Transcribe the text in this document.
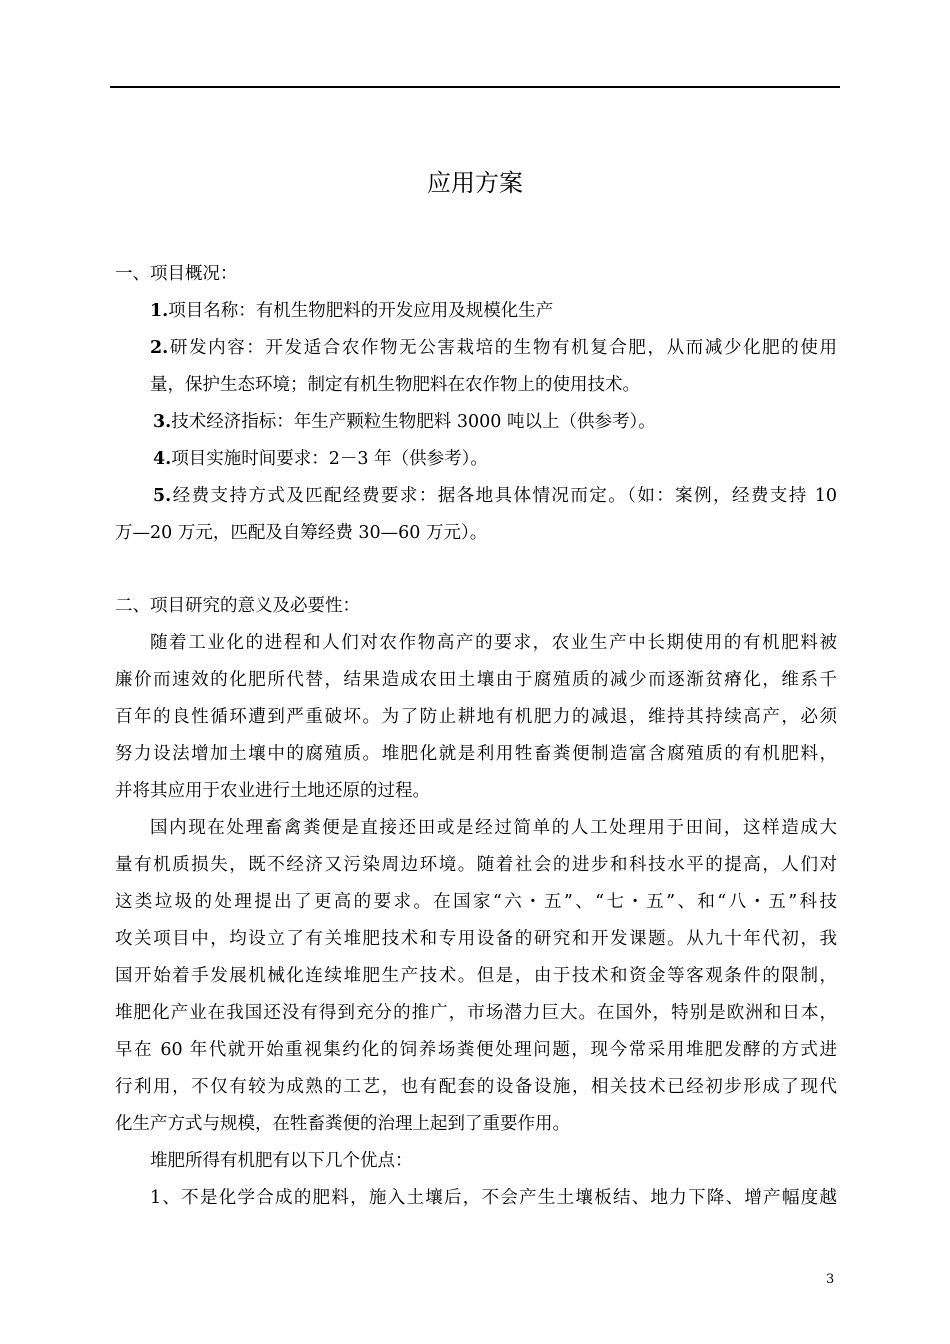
应用方案
一、项目概况：
1.项目名称：有机生物肥料的开发应用及规模化生产
2.研发内容：开发适合农作物无公害栽培的生物有机复合肥，从而减少化肥的使用
量，保护生态环境；制定有机生物肥料在农作物上的使用技术。
3.技术经济指标：年生产颗粒生物肥料 3000 吨以上（供参考）。
4.项目实施时间要求：2－3 年（供参考）。
5.经费支持方式及匹配经费要求：据各地具体情况而定。（如：案例，经费支持 10
万—20 万元，匹配及自筹经费 30—60 万元）。
二、项目研究的意义及必要性：
随着工业化的进程和人们对农作物高产的要求，农业生产中长期使用的有机肥料被
廉价而速效的化肥所代替，结果造成农田土壤由于腐殖质的减少而逐渐贫瘠化，维系千
百年的良性循环遭到严重破坏。为了防止耕地有机肥力的减退，维持其持续高产，必须
努力设法增加土壤中的腐殖质。堆肥化就是利用牲畜粪便制造富含腐殖质的有机肥料，
并将其应用于农业进行土地还原的过程。
国内现在处理畜禽粪便是直接还田或是经过简单的人工处理用于田间，这样造成大
量有机质损失，既不经济又污染周边环境。随着社会的进步和科技水平的提高，人们对
这类垃圾的处理提出了更高的要求。在国家“六・五”、“七・五”、和“八・五”科技
攻关项目中，均设立了有关堆肥技术和专用设备的研究和开发课题。从九十年代初，我
国开始着手发展机械化连续堆肥生产技术。但是，由于技术和资金等客观条件的限制，
堆肥化产业在我国还没有得到充分的推广，市场潜力巨大。在国外，特别是欧洲和日本，
早在 60 年代就开始重视集约化的饲养场粪便处理问题，现今常采用堆肥发酵的方式进
行利用，不仅有较为成熟的工艺，也有配套的设备设施，相关技术已经初步形成了现代
化生产方式与规模，在牲畜粪便的治理上起到了重要作用。
堆肥所得有机肥有以下几个优点：
1、不是化学合成的肥料，施入土壤后，不会产生土壤板结、地力下降、增产幅度越
3
